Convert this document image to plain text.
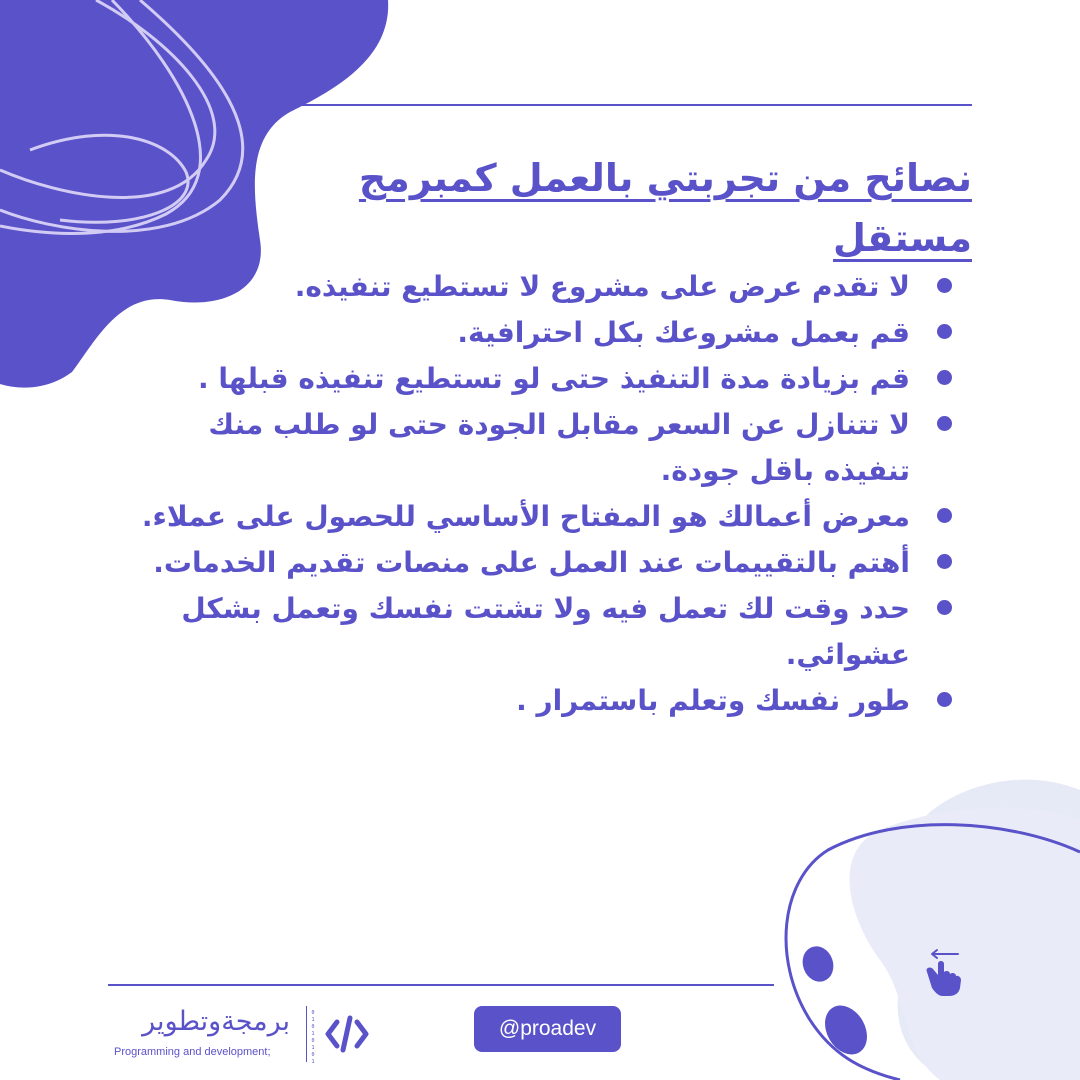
نصائح من تجربتي بالعمل كمبرمج مستقل
لا تقدم عرض على مشروع لا تستطيع تنفيذه.
قم بعمل مشروعك بكل احترافية.
قم بزيادة مدة التنفيذ حتى لو تستطيع تنفيذه قبلها .
لا تتنازل عن السعر مقابل الجودة حتى لو طلب منك تنفيذه باقل جودة.
معرض أعمالك هو المفتاح الأساسي للحصول على عملاء.
أهتم بالتقييمات عند العمل على منصات تقديم الخدمات.
حدد وقت لك تعمل فيه ولا تشتت نفسك وتعمل بشكل عشوائي.
طور نفسك وتعلم باستمرار .
برمجةوتطوير
Programming and development;
0 1 0 1 0 1 0 1
@proadev
